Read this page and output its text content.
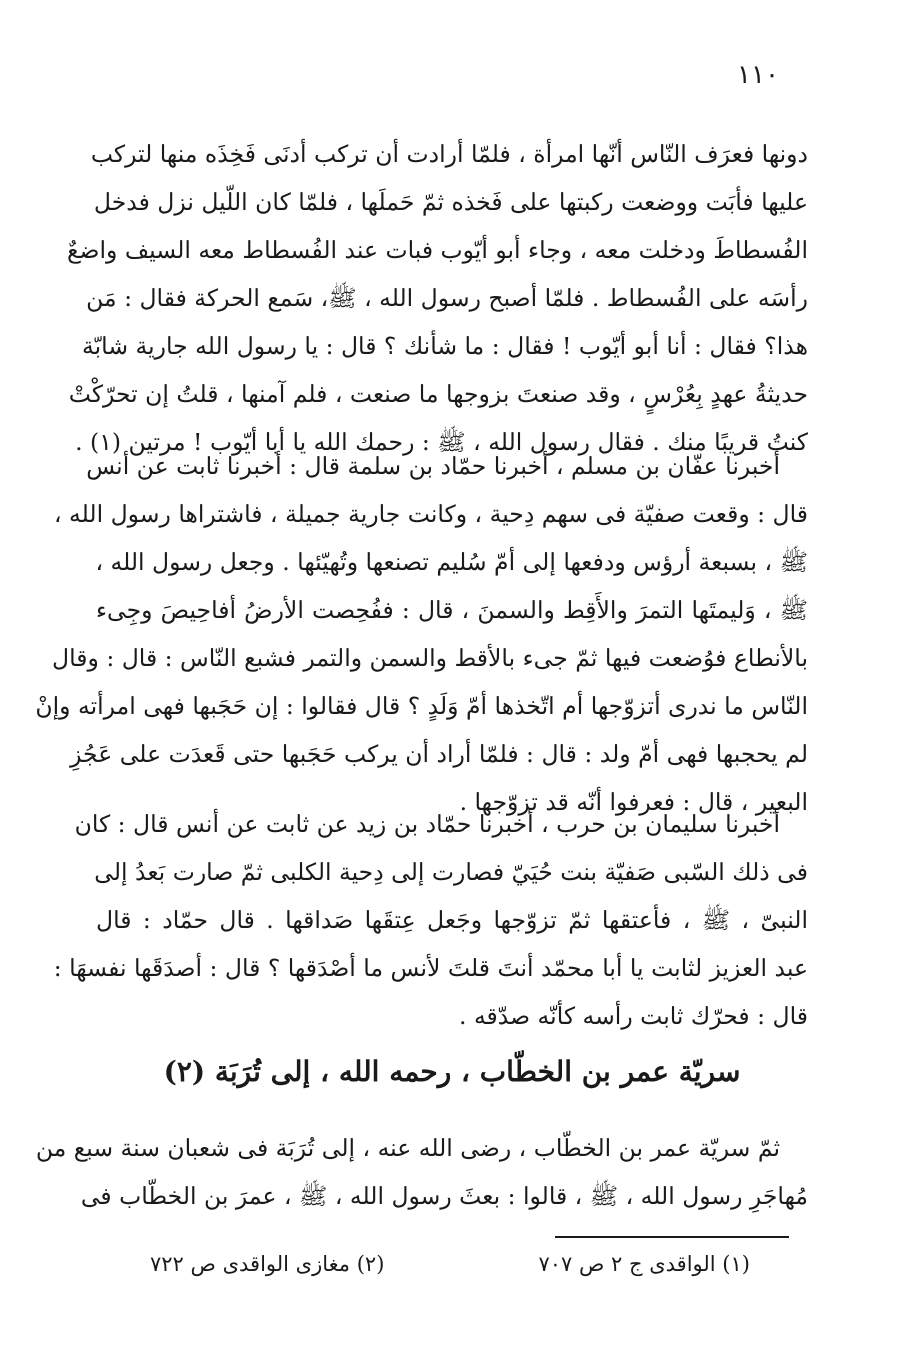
١١٠
دونها فعرَف النّاس أنّها امرأة ، فلمّا أرادت أن تركب أدنَى فَخِذَه منها لتركب
عليها فأبَت ووضعت ركبتها على فَخذه ثمّ حَملَها ، فلمّا كان اللّيل نزل فدخل
الفُسطاطَ ودخلت معه ، وجاء أبو أيّوب فبات عند الفُسطاط معه السيف واضعٌ
رأسَه على الفُسطاط . فلمّا أصبح رسول الله ، ﷺ، سَمع الحركة فقال : مَن
هذا؟ فقال : أنا أبو أيّوب ! فقال : ما شأنك ؟ قال : يا رسول الله جارية شابّة
حديثةُ عهدٍ بِعُرْسٍ ، وقد صنعتَ بزوجها ما صنعت ، فلم آمنها ، قلتُ إن تحرّكْتْ
كنتُ قريبًا منك . فقال رسول الله ، ﷺ : رحمك الله يا أبا أيّوب ! مرتين (١) .
أخبرنا عفّان بن مسلم ، أخبرنا حمّاد بن سلمة قال : أخبرنا ثابت عن أنس
قال : وقعت صفيّة فى سهم دِحية ، وكانت جارية جميلة ، فاشتراها رسول الله ،
ﷺ ، بسبعة أرؤس ودفعها إلى أمّ سُليم تصنعها وتُهيّئها . وجعل رسول الله ،
ﷺ ، وَليمتَها التمرَ والأَقِط والسمنَ ، قال : ففُحِصت الأرضُ أفاحِيصَ وجِىء
بالأنطاع فوُضعت فيها ثمّ جىء بالأقط والسمن والتمر فشبع النّاس : قال : وقال
النّاس ما ندرى أتزوّجها أم اتّخذها أمّ وَلَدٍ ؟ قال فقالوا : إن حَجَبها فهى امرأته وإنْ
لم يحجبها فهى أمّ ولد : قال : فلمّا أراد أن يركب حَجَبها حتى قَعدَت على عَجُزِ
البعير ، قال : فعرفوا أنّه قد تزوّجها .
أخبرنا سليمان بن حرب ، أخبرنا حمّاد بن زيد عن ثابت عن أنس قال : كان
فى ذلك السّبى صَفيّة بنت حُيَيّ فصارت إلى دِحية الكلبى ثمّ صارت بَعدُ إلى
النبىّ ، ﷺ ، فأعتقها ثمّ تزوّجها وجَعل عِتقَها صَداقها . قال حمّاد : قال
عبد العزيز لثابت يا أبا محمّد أنتَ قلتَ لأنس ما أصْدَقها ؟ قال : أصدَقَها نفسهَا :
قال : فحرّك ثابت رأسه كأنّه صدّقه .
سريّة عمر بن الخطّاب ، رحمه الله ، إلى تُرَبَة (٢)
ثمّ سريّة عمر بن الخطّاب ، رضى الله عنه ، إلى تُرَبَة فى شعبان سنة سبع من
مُهاجَرِ رسول الله ، ﷺ ، قالوا : بعثَ رسول الله ، ﷺ ، عمرَ بن الخطّاب فى
(١) الواقدى ج ٢ ص ٧٠٧
(٢) مغازى الواقدى ص ٧٢٢
